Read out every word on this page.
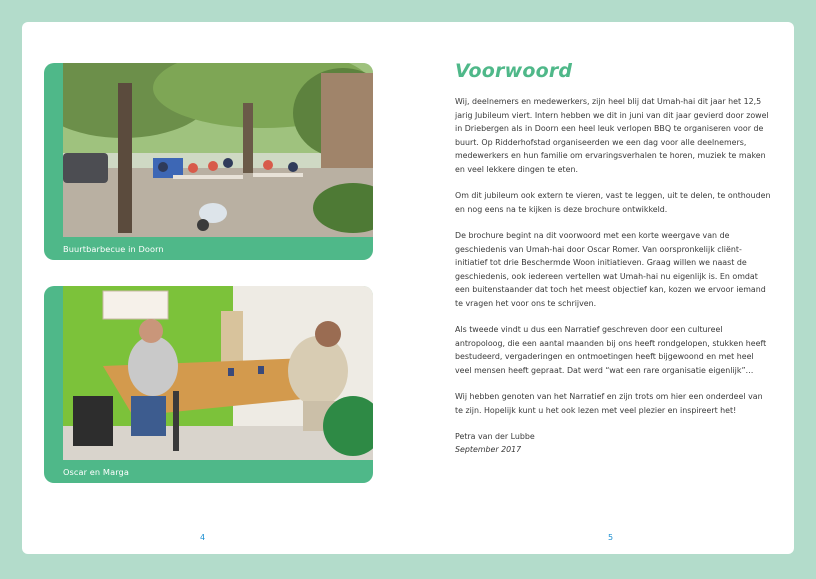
Buurtbarbecue in Doorn
Oscar en Marga
4
Voorwoord

Wij, deelnemers en medewerkers, zijn heel blij dat Umah-hai dit jaar het 12,5 jarig Jubileum viert. Intern hebben we dit in juni van dit jaar gevierd door zowel in Driebergen als in Doorn een heel leuk verlopen BBQ te organiseren voor de buurt. Op Ridderhofstad organiseerden we een dag voor alle deelnemers, medewerkers en hun familie om ervaringsverhalen te horen, muziek te maken en veel lekkere dingen te eten.

Om dit jubileum ook extern te vieren, vast te leggen, uit te delen, te onthouden en nog eens na te kijken is deze brochure ontwikkeld.

De brochure begint na dit voorwoord met een korte weergave van de geschiedenis van Umah-hai door Oscar Romer. Van oorspronkelijk cliënt-initiatief tot drie Beschermde Woon initiatieven. Graag willen we naast de geschiedenis, ook iedereen vertellen wat Umah-hai nu eigenlijk is. En omdat een buitenstaander dat toch het meest objectief kan, kozen we ervoor iemand te vragen het voor ons te schrijven.

Als tweede vindt u dus een Narratief geschreven door een cultureel antropoloog, die een aantal maanden bij ons heeft rondgelopen, stukken heeft bestudeerd, vergaderingen en ontmoetingen heeft bijgewoond en met heel veel mensen heeft gepraat. Dat werd “wat een rare organisatie eigenlijk”…

Wij hebben genoten van het Narratief en zijn trots om hier een onderdeel van te zijn. Hopelijk kunt u het ook lezen met veel plezier en inspireert het!

Petra van der Lubbe

September 2017

5
